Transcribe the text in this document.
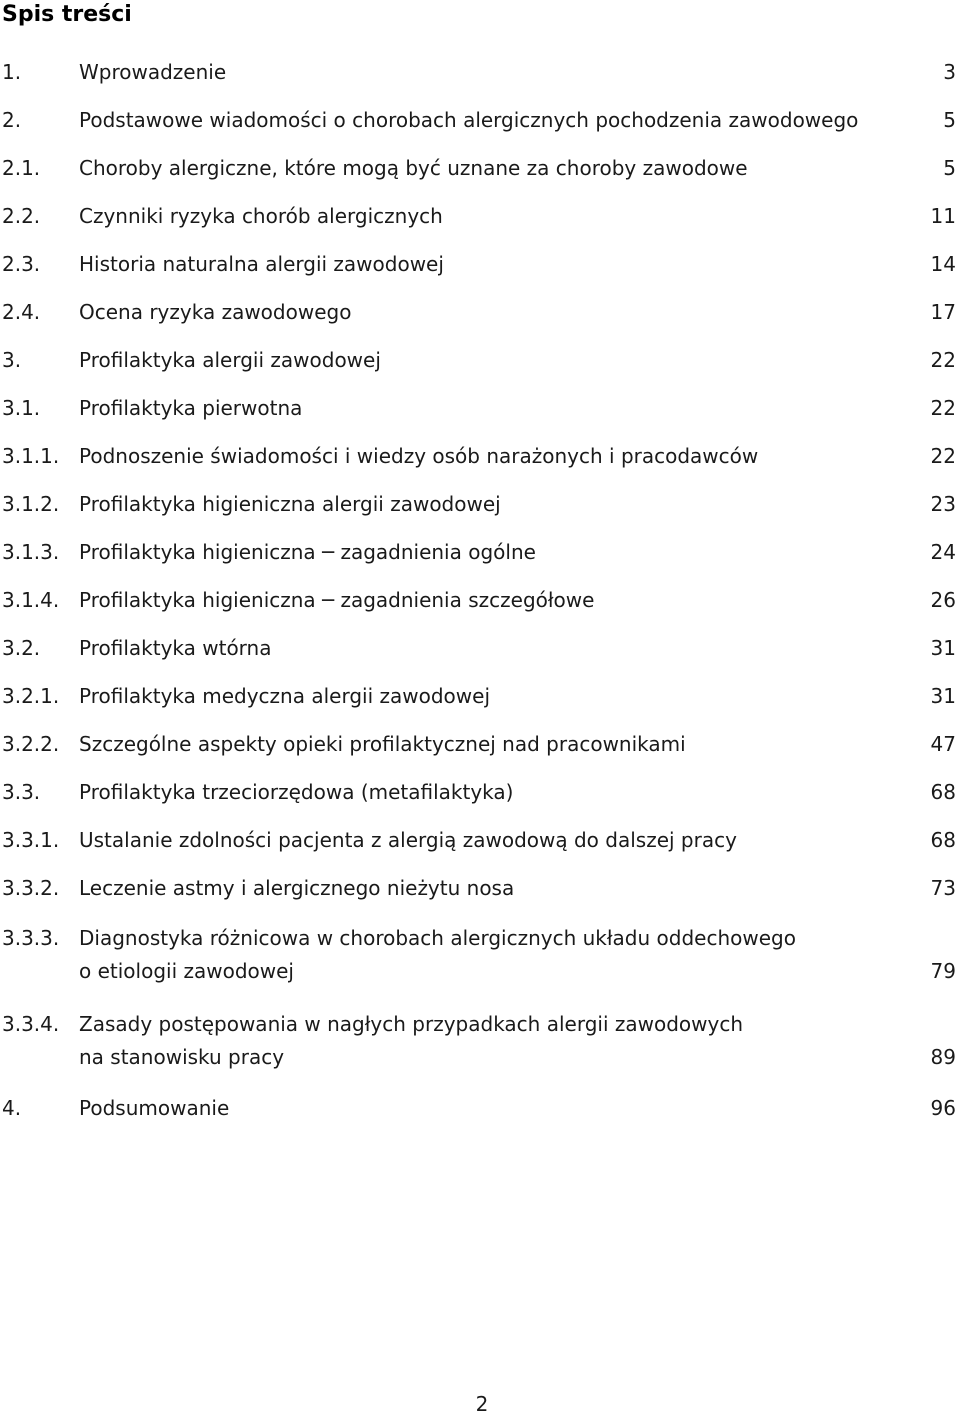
Spis treści
1.	Wprowadzenie	3
2.	Podstawowe wiadomości o chorobach alergicznych pochodzenia zawodowego	5
2.1.	Choroby alergiczne, które mogą być uznane za choroby zawodowe	5
2.2.	Czynniki ryzyka chorób alergicznych	11
2.3.	Historia naturalna alergii zawodowej	14
2.4.	Ocena ryzyka zawodowego	17
3.	Profilaktyka alergii zawodowej	22
3.1.	Profilaktyka pierwotna	22
3.1.1. Podnoszenie świadomości i wiedzy osób narażonych i pracodawców	22
3.1.2. Profilaktyka higieniczna alergii zawodowej	23
3.1.3. Profilaktyka higieniczna ─ zagadnienia ogólne	24
3.1.4. Profilaktyka higieniczna ─ zagadnienia szczegółowe	26
3.2.	Profilaktyka wtórna	31
3.2.1. Profilaktyka medyczna alergii zawodowej	31
3.2.2. Szczególne aspekty opieki profilaktycznej nad pracownikami	47
3.3.	Profilaktyka trzeciorzędowa (metafilaktyka)	68
3.3.1. Ustalanie zdolności pacjenta z alergią zawodową do dalszej pracy	68
3.3.2. Leczenie astmy i alergicznego nieżytu nosa	73
3.3.3. Diagnostyka różnicowa w chorobach alergicznych układu oddechowego
o etiologii zawodowej	79
3.3.4. Zasady postępowania w nagłych przypadkach alergii zawodowych
na stanowisku pracy	89
4.	Podsumowanie	96
2
